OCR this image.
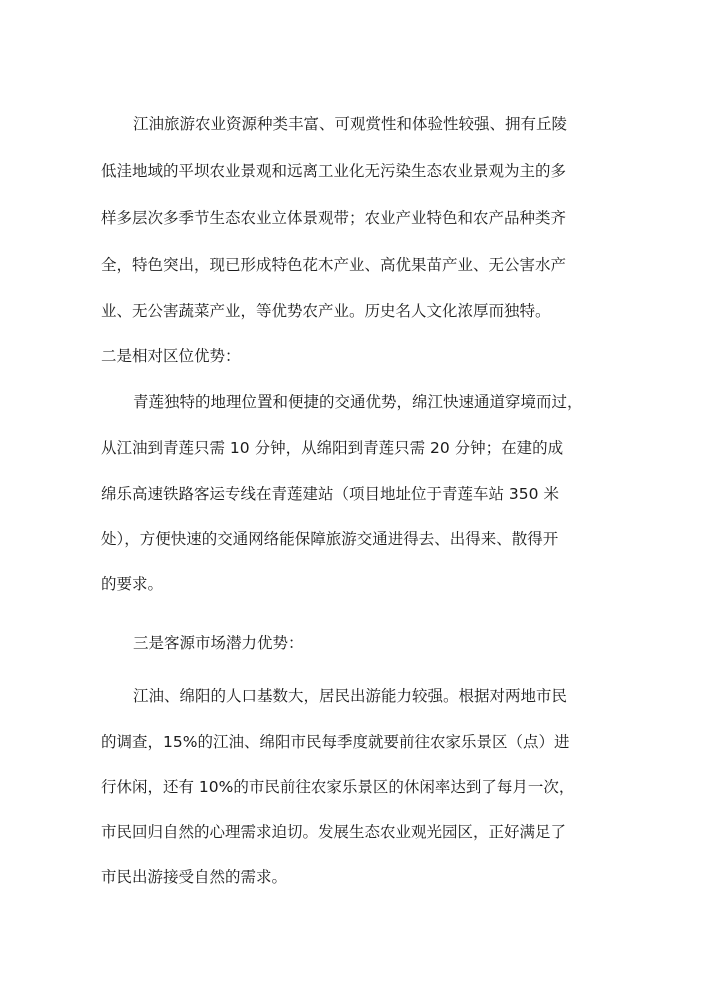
江油旅游农业资源种类丰富、可观赏性和体验性较强、拥有丘陵

低洼地域的平坝农业景观和远离工业化无污染生态农业景观为主的多

样多层次多季节生态农业立体景观带；农业产业特色和农产品种类齐

全，特色突出，现已形成特色花木产业、高优果苗产业、无公害水产

业、无公害蔬菜产业，等优势农产业。历史名人文化浓厚而独特。

二是相对区位优势：

青莲独特的地理位置和便捷的交通优势，绵江快速通道穿境而过，

从江油到青莲只需 10 分钟，从绵阳到青莲只需 20 分钟；在建的成

绵乐高速铁路客运专线在青莲建站（项目地址位于青莲车站 350 米

处），方便快速的交通网络能保障旅游交通进得去、出得来、散得开

的要求。

三是客源市场潜力优势：

江油、绵阳的人口基数大，居民出游能力较强。根据对两地市民

的调查，15%的江油、绵阳市民每季度就要前往农家乐景区（点）进

行休闲，还有 10%的市民前往农家乐景区的休闲率达到了每月一次，

市民回归自然的心理需求迫切。发展生态农业观光园区，正好满足了

市民出游接受自然的需求。
